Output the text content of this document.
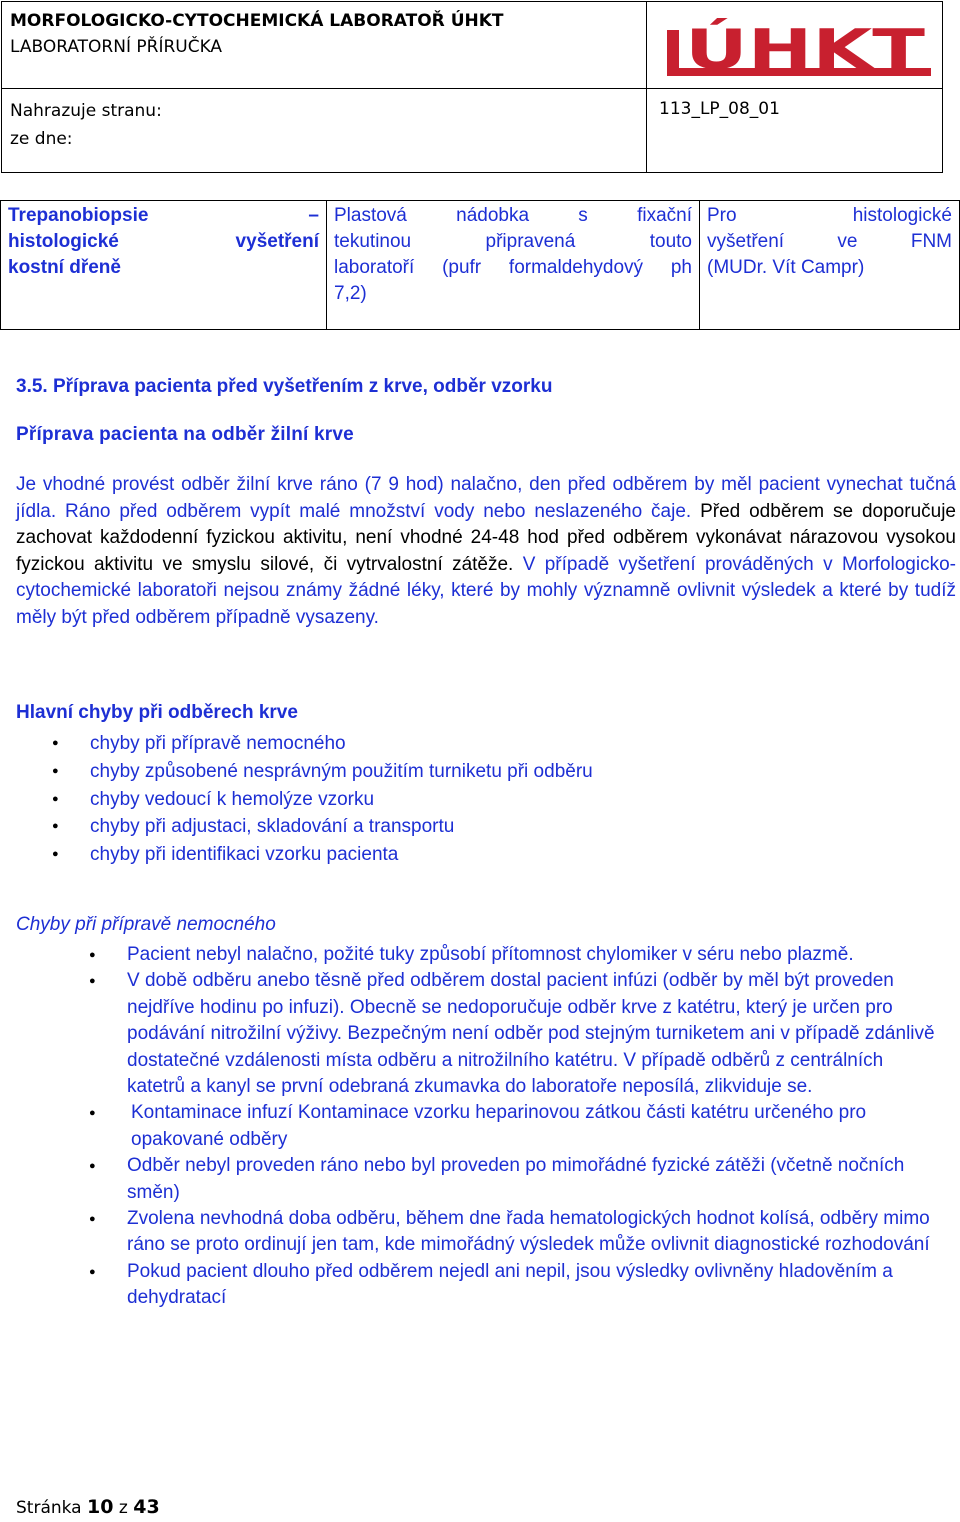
MORFOLOGICKO-CYTOCHEMICKÁ LABORATOŘ ÚHKT
LABORATORNÍ PŘÍRUČKA	ÚHKT

Nahrazuje stranu:
ze dne:	113_LP_08_01
Trepanobiopsie –
histologické vyšetření
kostní dřeně

Plastová nádobka s fixační
tekutinou připravená touto
laboratoří (pufr formaldehydový ph
7,2)

Pro histologické
vyšetření ve FNM
(MUDr. Vít Campr)
3.5. Příprava pacienta před vyšetřením z krve, odběr vzorku
Příprava pacienta na odběr žilní krve
Je vhodné provést odběr žilní krve ráno (7 9 hod) nalačno, den před odběrem by měl pacient vynechat tučná jídla. Ráno před odběrem vypít malé množství vody nebo neslazeného čaje. Před odběrem se doporučuje zachovat každodenní fyzickou aktivitu, není vhodné 24-48 hod před odběrem vykonávat nárazovou vysokou fyzickou aktivitu ve smyslu silové, či vytrvalostní zátěže. V případě vyšetření prováděných v Morfologicko-cytochemické laboratoři nejsou známy žádné léky, které by mohly významně ovlivnit výsledek a které by tudíž měly být před odběrem případně vysazeny.
Hlavní chyby při odběrech krve
● chyby při přípravě nemocného
● chyby způsobené nesprávným použitím turniketu při odběru
● chyby vedoucí k hemolýze vzorku
● chyby při adjustaci, skladování a transportu
● chyby při identifikaci vzorku pacienta
Chyby při přípravě nemocného
● Pacient nebyl nalačno, požité tuky způsobí přítomnost chylomiker v séru nebo plazmě.
● V době odběru anebo těsně před odběrem dostal pacient infúzi (odběr by měl být proveden nejdříve hodinu po infuzi). Obecně se nedoporučuje odběr krve z katétru, který je určen pro podávání nitrožilní výživy. Bezpečným není odběr pod stejným turniketem ani v případě zdánlivě dostatečné vzdálenosti místa odběru a nitrožilního katétru. V případě odběrů z centrálních katetrů a kanyl se první odebraná zkumavka do laboratoře neposílá, zlikviduje se.
● Kontaminace infuzí Kontaminace vzorku heparinovou zátkou části katétru určeného pro opakované odběry
● Odběr nebyl proveden ráno nebo byl proveden po mimořádné fyzické zátěži (včetně nočních směn)
● Zvolena nevhodná doba odběru, během dne řada hematologických hodnot kolísá, odběry mimo ráno se proto ordinují jen tam, kde mimořádný výsledek může ovlivnit diagnostické rozhodování
● Pokud pacient dlouho před odběrem nejedl ani nepil, jsou výsledky ovlivněny hladověním a dehydratací
Stránka 10 z 43
